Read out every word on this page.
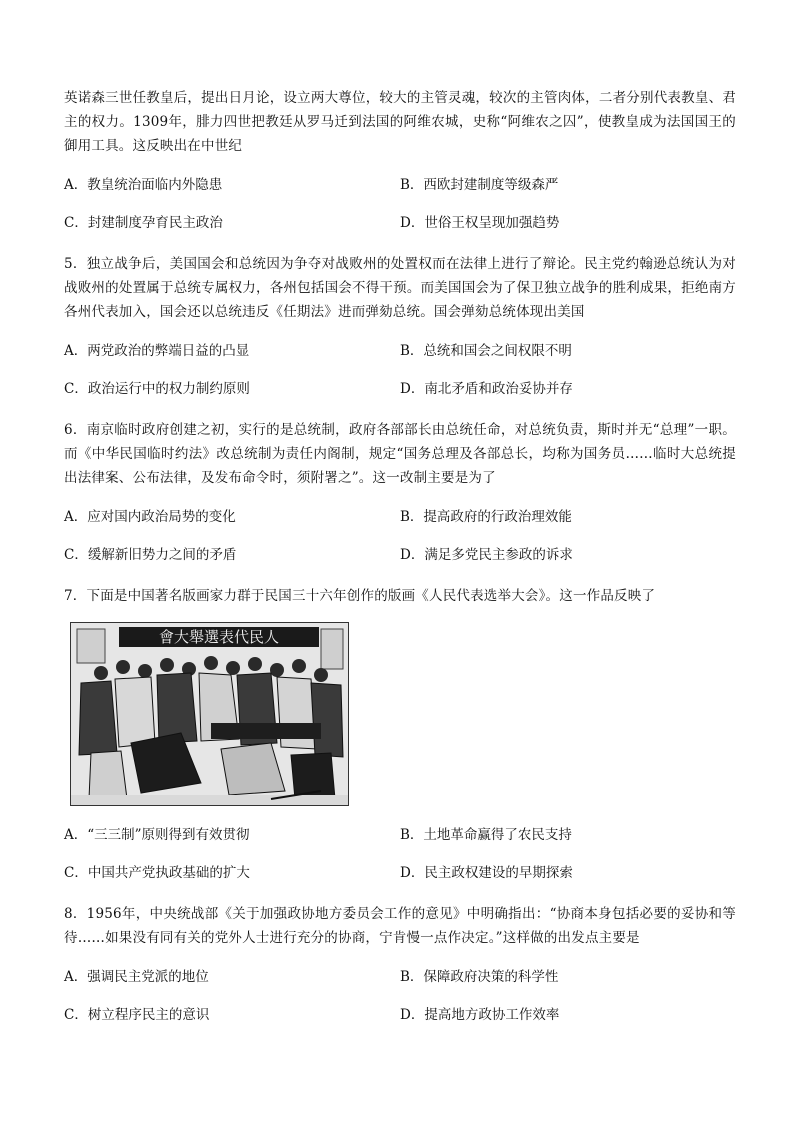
英诺森三世任教皇后，提出日月论，设立两大尊位，较大的主管灵魂，较次的主管肉体，二者分别代表教皇、君主的权力。1309年，腓力四世把教廷从罗马迁到法国的阿维农城，史称“阿维农之囚”，使教皇成为法国国王的御用工具。这反映出在中世纪

A．教皇统治面临内外隐患	B．西欧封建制度等级森严
C．封建制度孕育民主政治	D．世俗王权呈现加强趋势

5．独立战争后，美国国会和总统因为争夺对战败州的处置权而在法律上进行了辩论。民主党约翰逊总统认为对战败州的处置属于总统专属权力，各州包括国会不得干预。而美国国会为了保卫独立战争的胜利成果，拒绝南方各州代表加入，国会还以总统违反《任期法》进而弹劾总统。国会弹劾总统体现出美国

A．两党政治的弊端日益的凸显	B．总统和国会之间权限不明
C．政治运行中的权力制约原则	D．南北矛盾和政治妥协并存

6．南京临时政府创建之初，实行的是总统制，政府各部部长由总统任命，对总统负责，斯时并无“总理”一职。而《中华民国临时约法》改总统制为责任内阁制，规定“国务总理及各部总长，均称为国务员……临时大总统提出法律案、公布法律，及发布命令时，须附署之”。这一改制主要是为了

A．应对国内政治局势的变化	B．提高政府的行政治理效能
C．缓解新旧势力之间的矛盾	D．满足多党民主参政的诉求

7．下面是中国著名版画家力群于民国三十六年创作的版画《人民代表选举大会》。这一作品反映了

會大舉選表代民人
A．“三三制”原则得到有效贯彻	B．土地革命赢得了农民支持
C．中国共产党执政基础的扩大	D．民主政权建设的早期探索

8．1956年，中央统战部《关于加强政协地方委员会工作的意见》中明确指出：“协商本身包括必要的妥协和等待……如果没有同有关的党外人士进行充分的协商，宁肯慢一点作决定。”这样做的出发点主要是

A．强调民主党派的地位	B．保障政府决策的科学性
C．树立程序民主的意识	D．提高地方政协工作效率
